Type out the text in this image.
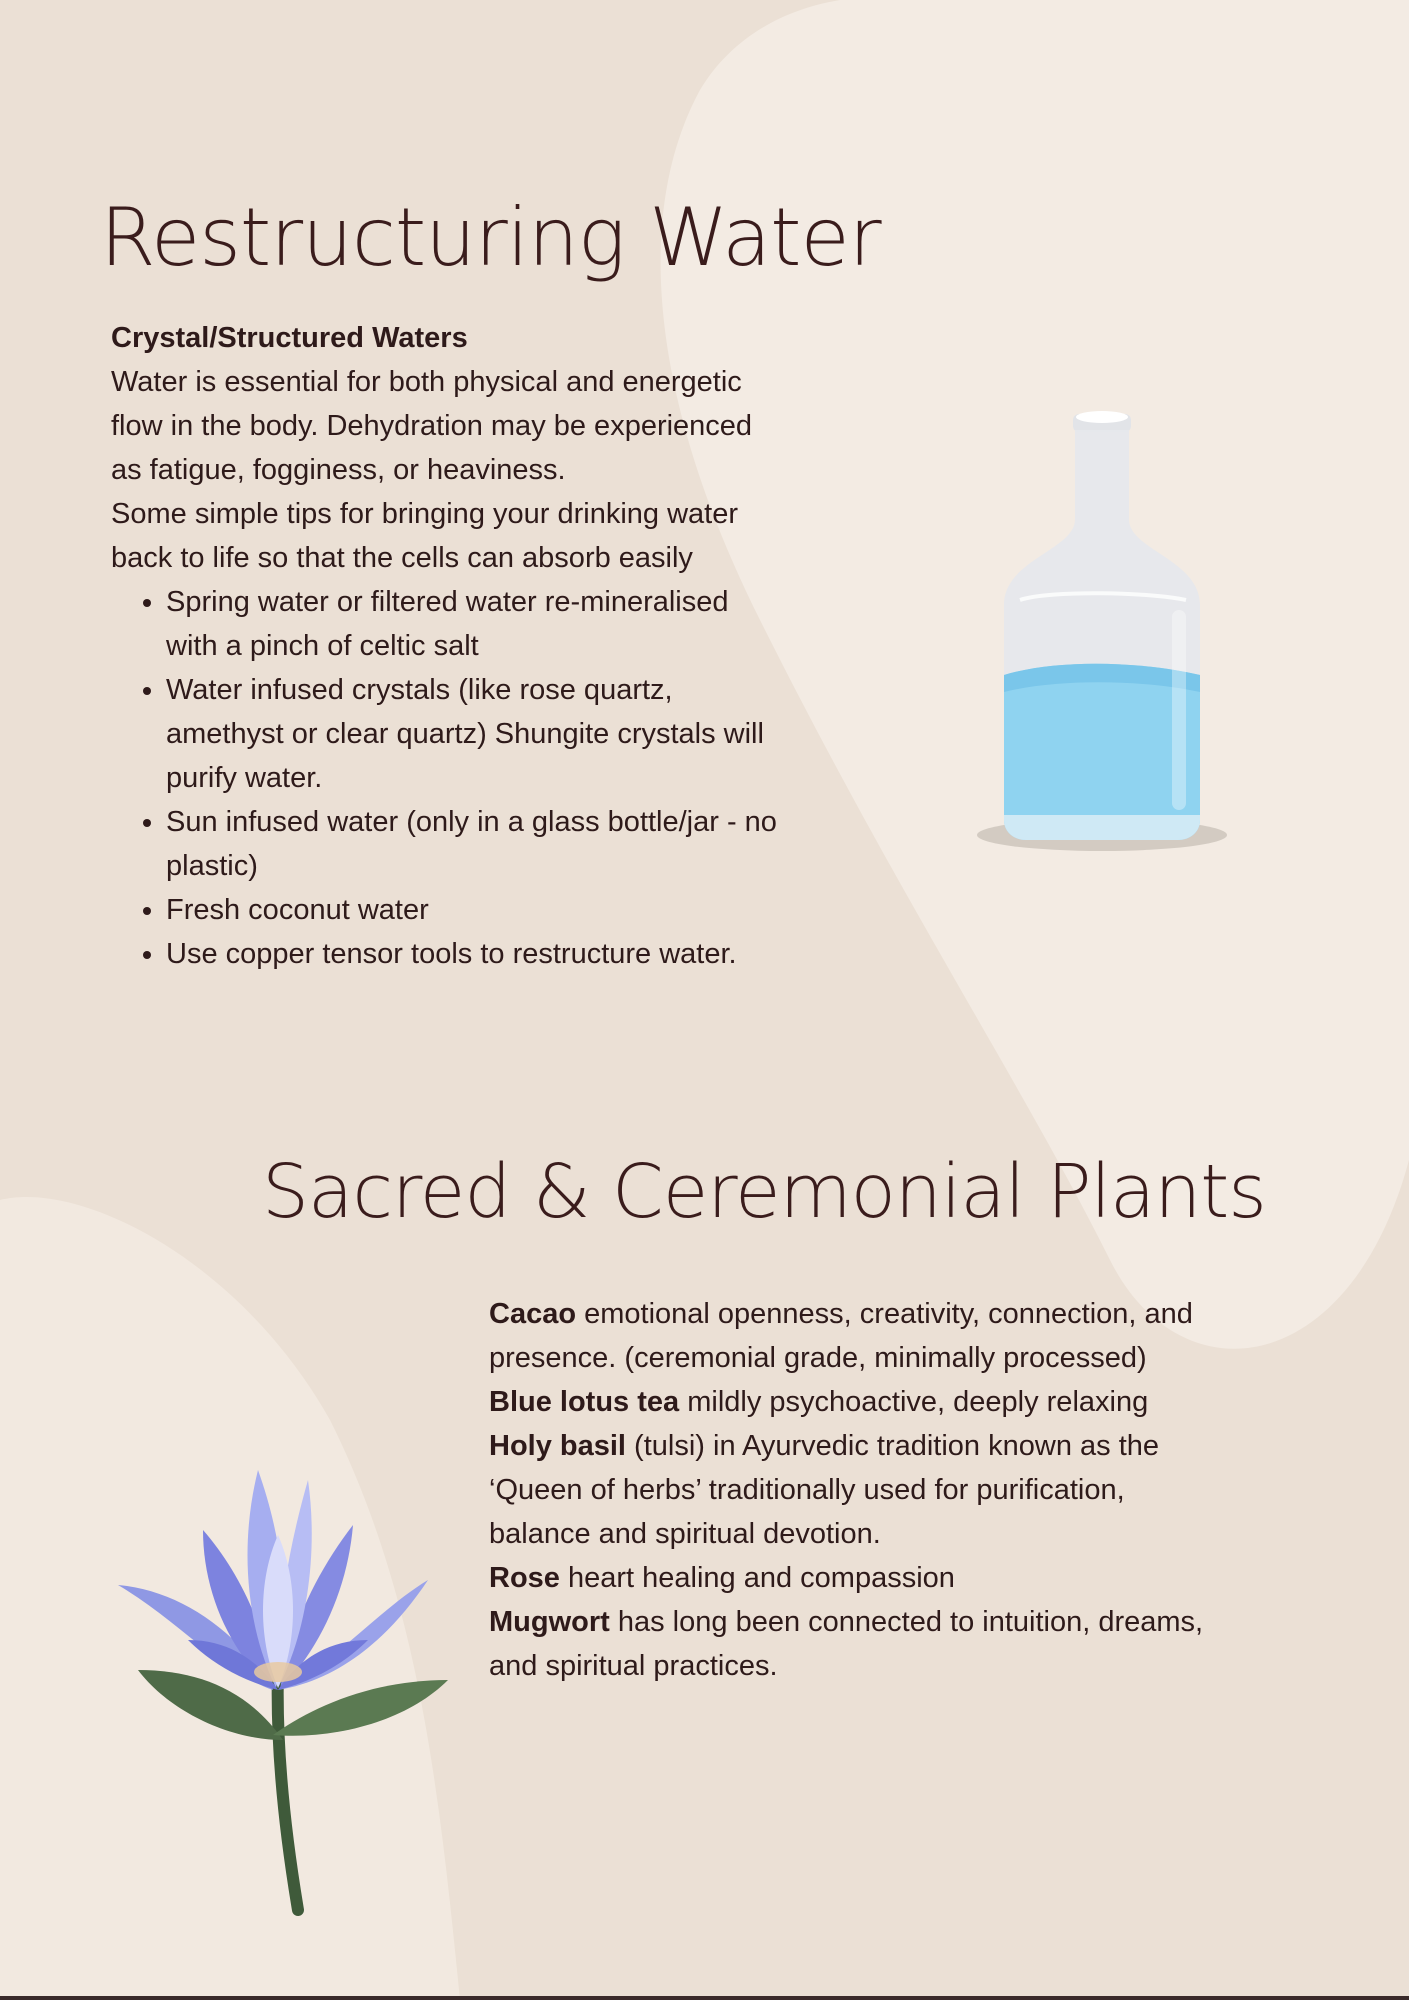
Restructuring Water

Crystal/Structured Waters

Water is essential for both physical and energetic

flow in the body. Dehydration may be experienced

as fatigue, fogginess, or heaviness.

Some simple tips for bringing your drinking water

back to life so that the cells can absorb easily

• Spring water or filtered water re-mineralised
with a pinch of celtic salt
• Water infused crystals (like rose quartz,
amethyst or clear quartz) Shungite crystals will
purify water.
• Sun infused water (only in a glass bottle/jar - no
plastic)
• Fresh coconut water
• Use copper tensor tools to restructure water.
Sacred & Ceremonial Plants

Cacao emotional openness, creativity, connection, and

presence. (ceremonial grade, minimally processed)

Blue lotus tea mildly psychoactive, deeply relaxing

Holy basil (tulsi) in Ayurvedic tradition known as the

‘Queen of herbs’ traditionally used for purification,

balance and spiritual devotion.

Rose heart healing and compassion

Mugwort has long been connected to intuition, dreams,

and spiritual practices.
